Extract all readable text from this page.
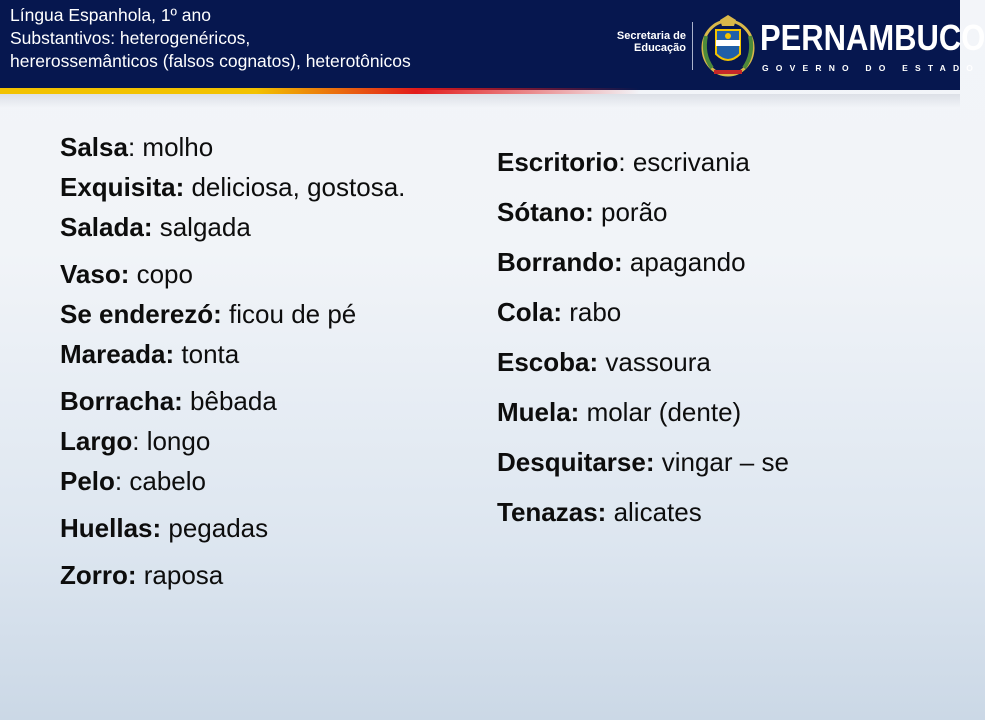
Língua Espanhola, 1º ano
Substantivos: heterogenéricos,
hererossemânticos (falsos cognatos), heterotônicos
Secretaria de
Educação PERNAMBUCO
GOVERNO DO ESTADO
Salsa: molho
Exquisita: deliciosa, gostosa.
Salada: salgada
Vaso: copo
Se enderezó: ficou de pé
Mareada: tonta
Borracha: bêbada
Largo: longo
Pelo: cabelo
Huellas: pegadas
Zorro: raposa
Escritorio: escrivania
Sótano: porão
Borrando: apagando
Cola: rabo
Escoba: vassoura
Muela: molar (dente)
Desquitarse: vingar – se
Tenazas: alicates
